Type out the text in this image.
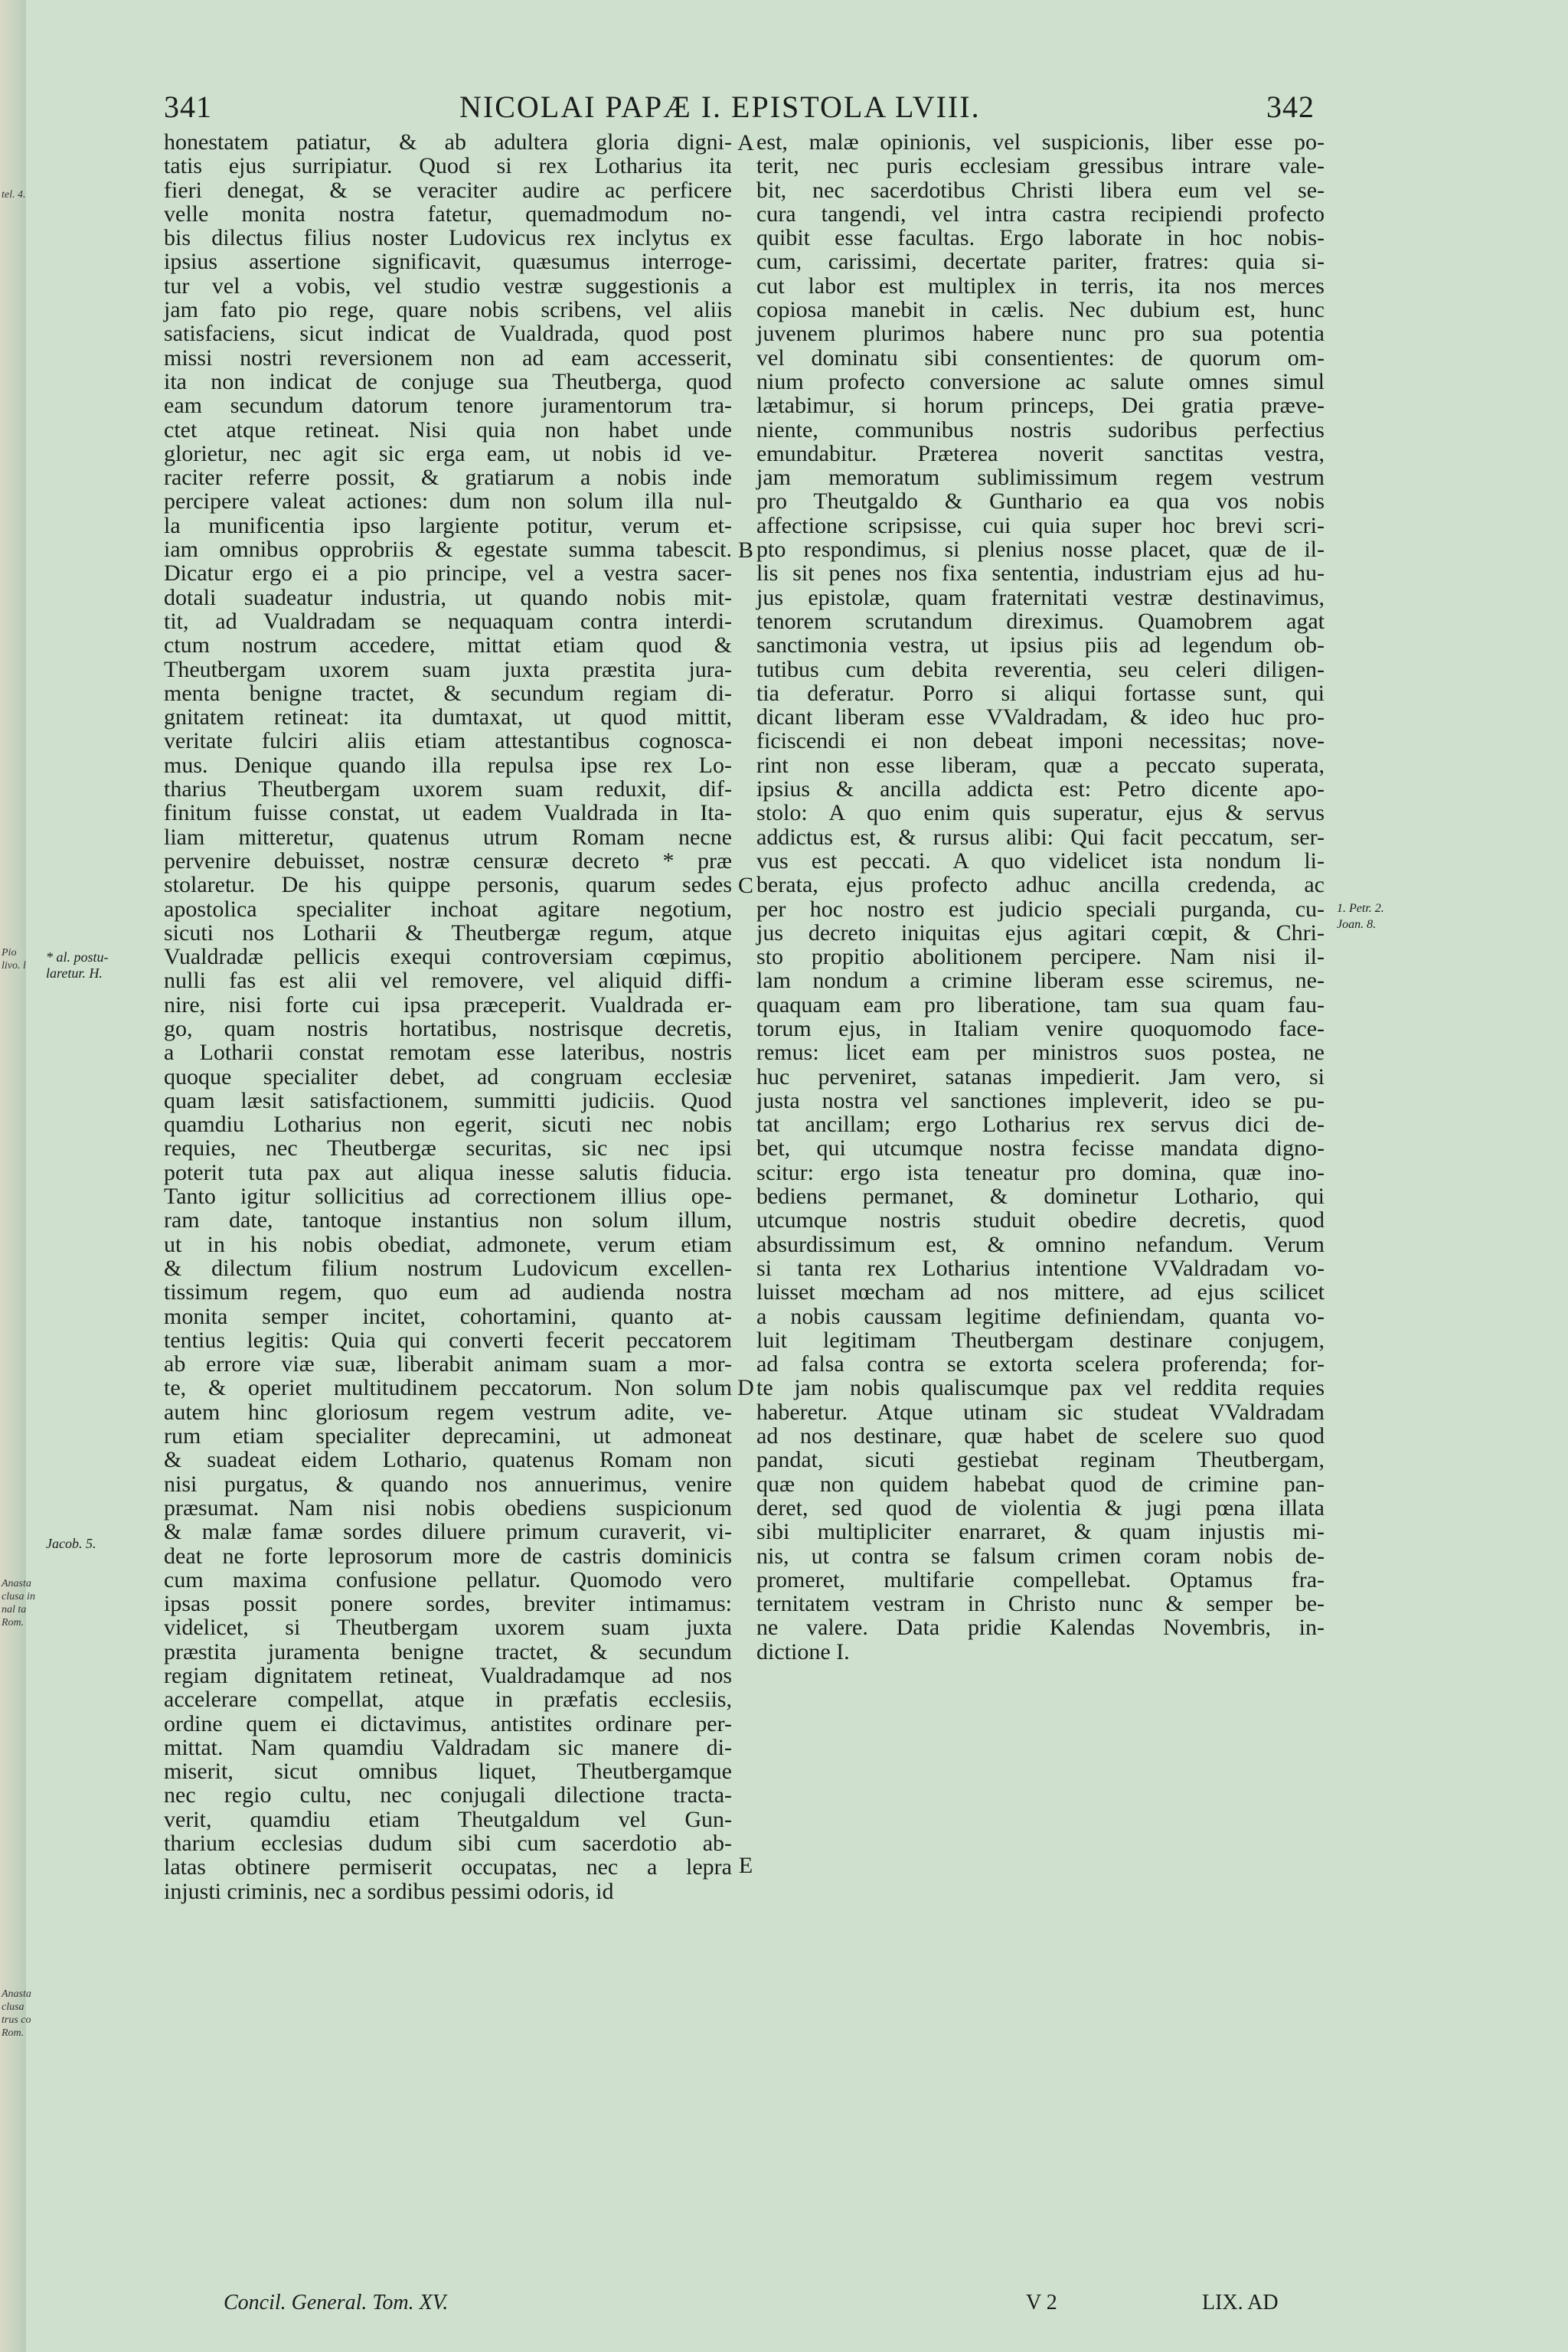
tel. 4.
Pio
livo. l
Anasta
clusa in
nal ta
Rom.
Anasta
clusa
trus co
Rom.
341	NICOLAI PAPÆ I. EPISTOLA LVIII.	342
honestatem patiatur, & ab adultera gloria digni-
tatis ejus surripiatur. Quod si rex Lotharius ita
fieri denegat, & se veraciter audire ac perficere
velle monita nostra fatetur, quemadmodum no-
bis dilectus filius noster Ludovicus rex inclytus ex
ipsius assertione significavit, quæsumus interroge-
tur vel a vobis, vel studio vestræ suggestionis a
jam fato pio rege, quare nobis scribens, vel aliis
satisfaciens, sicut indicat de Vualdrada, quod post
missi nostri reversionem non ad eam accesserit,
ita non indicat de conjuge sua Theutberga, quod
eam secundum datorum tenore juramentorum tra-
ctet atque retineat. Nisi quia non habet unde
glorietur, nec agit sic erga eam, ut nobis id ve-
raciter referre possit, & gratiarum a nobis inde
percipere valeat actiones: dum non solum illa nul-
la munificentia ipso largiente potitur, verum et-
iam omnibus opprobriis & egestate summa tabescit.
Dicatur ergo ei a pio principe, vel a vestra sacer-
dotali suadeatur industria, ut quando nobis mit-
tit, ad Vualdradam se nequaquam contra interdi-
ctum nostrum accedere, mittat etiam quod &
Theutbergam uxorem suam juxta præstita jura-
menta benigne tractet, & secundum regiam di-
gnitatem retineat: ita dumtaxat, ut quod mittit,
veritate fulciri aliis etiam attestantibus cognosca-
mus. Denique quando illa repulsa ipse rex Lo-
tharius Theutbergam uxorem suam reduxit, dif-
finitum fuisse constat, ut eadem Vualdrada in Ita-
liam mitteretur, quatenus utrum Romam necne
pervenire debuisset, nostræ censuræ decreto * præ
stolaretur. De his quippe personis, quarum sedes
apostolica specialiter inchoat agitare negotium,
sicuti nos Lotharii & Theutbergæ regum, atque
Vualdradæ pellicis exequi controversiam cœpimus,
nulli fas est alii vel removere, vel aliquid diffi-
nire, nisi forte cui ipsa præceperit. Vualdrada er-
go, quam nostris hortatibus, nostrisque decretis,
a Lotharii constat remotam esse lateribus, nostris
quoque specialiter debet, ad congruam ecclesiæ
quam læsit satisfactionem, summitti judiciis. Quod
quamdiu Lotharius non egerit, sicuti nec nobis
requies, nec Theutbergæ securitas, sic nec ipsi
poterit tuta pax aut aliqua inesse salutis fiducia.
Tanto igitur sollicitius ad correctionem illius ope-
ram date, tantoque instantius non solum illum,
ut in his nobis obediat, admonete, verum etiam
& dilectum filium nostrum Ludovicum excellen-
tissimum regem, quo eum ad audienda nostra
monita semper incitet, cohortamini, quanto at-
tentius legitis: Quia qui converti fecerit peccatorem
ab errore viæ suæ, liberabit animam suam a mor-
te, & operiet multitudinem peccatorum. Non solum
autem hinc gloriosum regem vestrum adite, ve-
rum etiam specialiter deprecamini, ut admoneat
& suadeat eidem Lothario, quatenus Romam non
nisi purgatus, & quando nos annuerimus, venire
præsumat. Nam nisi nobis obediens suspicionum
& malæ famæ sordes diluere primum curaverit, vi-
deat ne forte leprosorum more de castris dominicis
cum maxima confusione pellatur. Quomodo vero
ipsas possit ponere sordes, breviter intimamus:
videlicet, si Theutbergam uxorem suam juxta
præstita juramenta benigne tractet, & secundum
regiam dignitatem retineat, Vualdradamque ad nos
accelerare compellat, atque in præfatis ecclesiis,
ordine quem ei dictavimus, antistites ordinare per-
mittat. Nam quamdiu Valdradam sic manere di-
miserit, sicut omnibus liquet, Theutbergamque
nec regio cultu, nec conjugali dilectione tracta-
verit, quamdiu etiam Theutgaldum vel Gun-
tharium ecclesias dudum sibi cum sacerdotio ab-
latas obtinere permiserit occupatas, nec a lepra
injusti criminis, nec a sordibus pessimi odoris, id
est, malæ opinionis, vel suspicionis, liber esse po-
terit, nec puris ecclesiam gressibus intrare vale-
bit, nec sacerdotibus Christi libera eum vel se-
cura tangendi, vel intra castra recipiendi profecto
quibit esse facultas. Ergo laborate in hoc nobis-
cum, carissimi, decertate pariter, fratres: quia si-
cut labor est multiplex in terris, ita nos merces
copiosa manebit in cælis. Nec dubium est, hunc
juvenem plurimos habere nunc pro sua potentia
vel dominatu sibi consentientes: de quorum om-
nium profecto conversione ac salute omnes simul
lætabimur, si horum princeps, Dei gratia præve-
niente, communibus nostris sudoribus perfectius
emundabitur. Præterea noverit sanctitas vestra,
jam memoratum sublimissimum regem vestrum
pro Theutgaldo & Gunthario ea qua vos nobis
affectione scripsisse, cui quia super hoc brevi scri-
pto respondimus, si plenius nosse placet, quæ de il-
lis sit penes nos fixa sententia, industriam ejus ad hu-
jus epistolæ, quam fraternitati vestræ destinavimus,
tenorem scrutandum direximus. Quamobrem agat
sanctimonia vestra, ut ipsius piis ad legendum ob-
tutibus cum debita reverentia, seu celeri diligen-
tia deferatur. Porro si aliqui fortasse sunt, qui
dicant liberam esse VValdradam, & ideo huc pro-
ficiscendi ei non debeat imponi necessitas; nove-
rint non esse liberam, quæ a peccato superata,
ipsius & ancilla addicta est: Petro dicente apo-
stolo: A quo enim quis superatur, ejus & servus
addictus est, & rursus alibi: Qui facit peccatum, ser-
vus est peccati. A quo videlicet ista nondum li-
berata, ejus profecto adhuc ancilla credenda, ac
per hoc nostro est judicio speciali purganda, cu-
jus decreto iniquitas ejus agitari cœpit, & Chri-
sto propitio abolitionem percipere. Nam nisi il-
lam nondum a crimine liberam esse sciremus, ne-
quaquam eam pro liberatione, tam sua quam fau-
torum ejus, in Italiam venire quoquomodo face-
remus: licet eam per ministros suos postea, ne
huc perveniret, satanas impedierit. Jam vero, si
justa nostra vel sanctiones impleverit, ideo se pu-
tat ancillam; ergo Lotharius rex servus dici de-
bet, qui utcumque nostra fecisse mandata digno-
scitur: ergo ista teneatur pro domina, quæ ino-
bediens permanet, & dominetur Lothario, qui
utcumque nostris studuit obedire decretis, quod
absurdissimum est, & omnino nefandum. Verum
si tanta rex Lotharius intentione VValdradam vo-
luisset mœcham ad nos mittere, ad ejus scilicet
a nobis caussam legitime definiendam, quanta vo-
luit legitimam Theutbergam destinare conjugem,
ad falsa contra se extorta scelera proferenda; for-
te jam nobis qualiscumque pax vel reddita requies
haberetur. Atque utinam sic studeat VValdradam
ad nos destinare, quæ habet de scelere suo quod
pandat, sicuti gestiebat reginam Theutbergam,
quæ non quidem habebat quod de crimine pan-
deret, sed quod de violentia & jugi pœna illata
sibi multipliciter enarraret, & quam injustis mi-
nis, ut contra se falsum crimen coram nobis de-
promeret, multifarie compellebat. Optamus fra-
ternitatem vestram in Christo nunc & semper be-
ne valere. Data pridie Kalendas Novembris, in-
dictione I.
A
B
C
D
E
* al. postu-
laretur. H.
Jacob. 5.
1. Petr. 2.
Joan. 8.
Concil. General. Tom. XV.	V 2	LIX. AD
